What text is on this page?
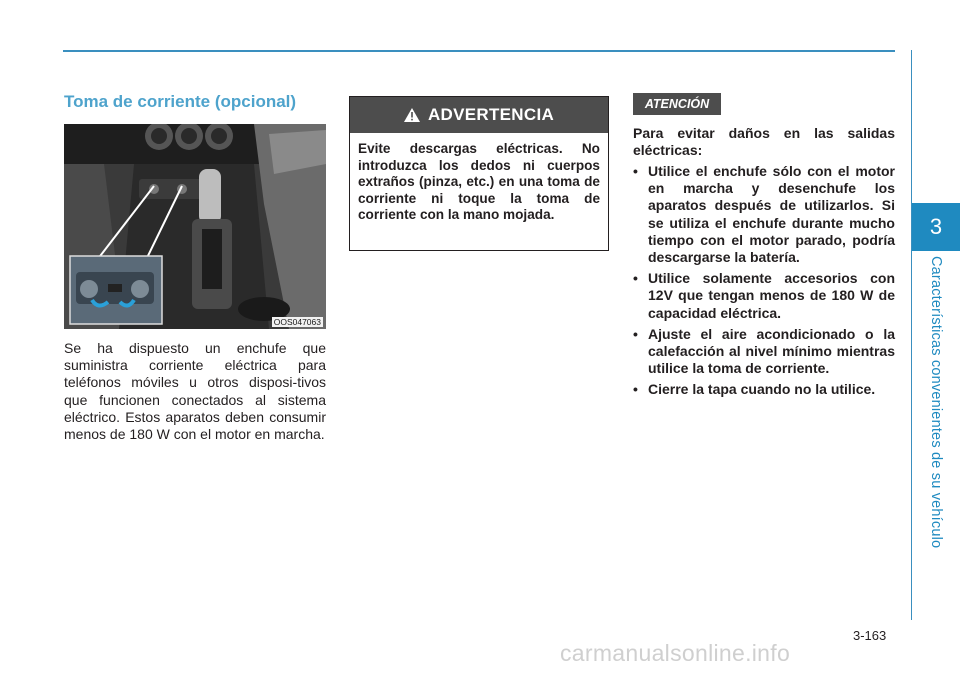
3
Características convenientes de su vehículo
Toma de corriente (opcional)
OOS047063

Se ha dispuesto un enchufe que suministra corriente eléctrica para teléfonos móviles u otros disposi-tivos que funcionen conectados al sistema eléctrico. Estos aparatos deben consumir menos de 180 W con el motor en marcha.

ADVERTENCIA

Evite descargas eléctricas. No introduzca los dedos ni cuerpos extraños (pinza, etc.) en una toma de corriente ni toque la toma de corriente con la mano mojada.

ATENCIÓN

Para evitar daños en las salidas eléctricas:

• Utilice el enchufe sólo con el motor en marcha y desenchufe los aparatos después de utilizarlos. Si se utiliza el enchufe durante mucho tiempo con el motor parado, podría descargarse la batería.
• Utilice solamente accesorios con 12V que tengan menos de 180 W de capacidad eléctrica.
• Ajuste el aire acondicionado o la calefacción al nivel mínimo mientras utilice la toma de corriente.
• Cierre la tapa cuando no la utilice.
3-163
carmanualsonline.info
